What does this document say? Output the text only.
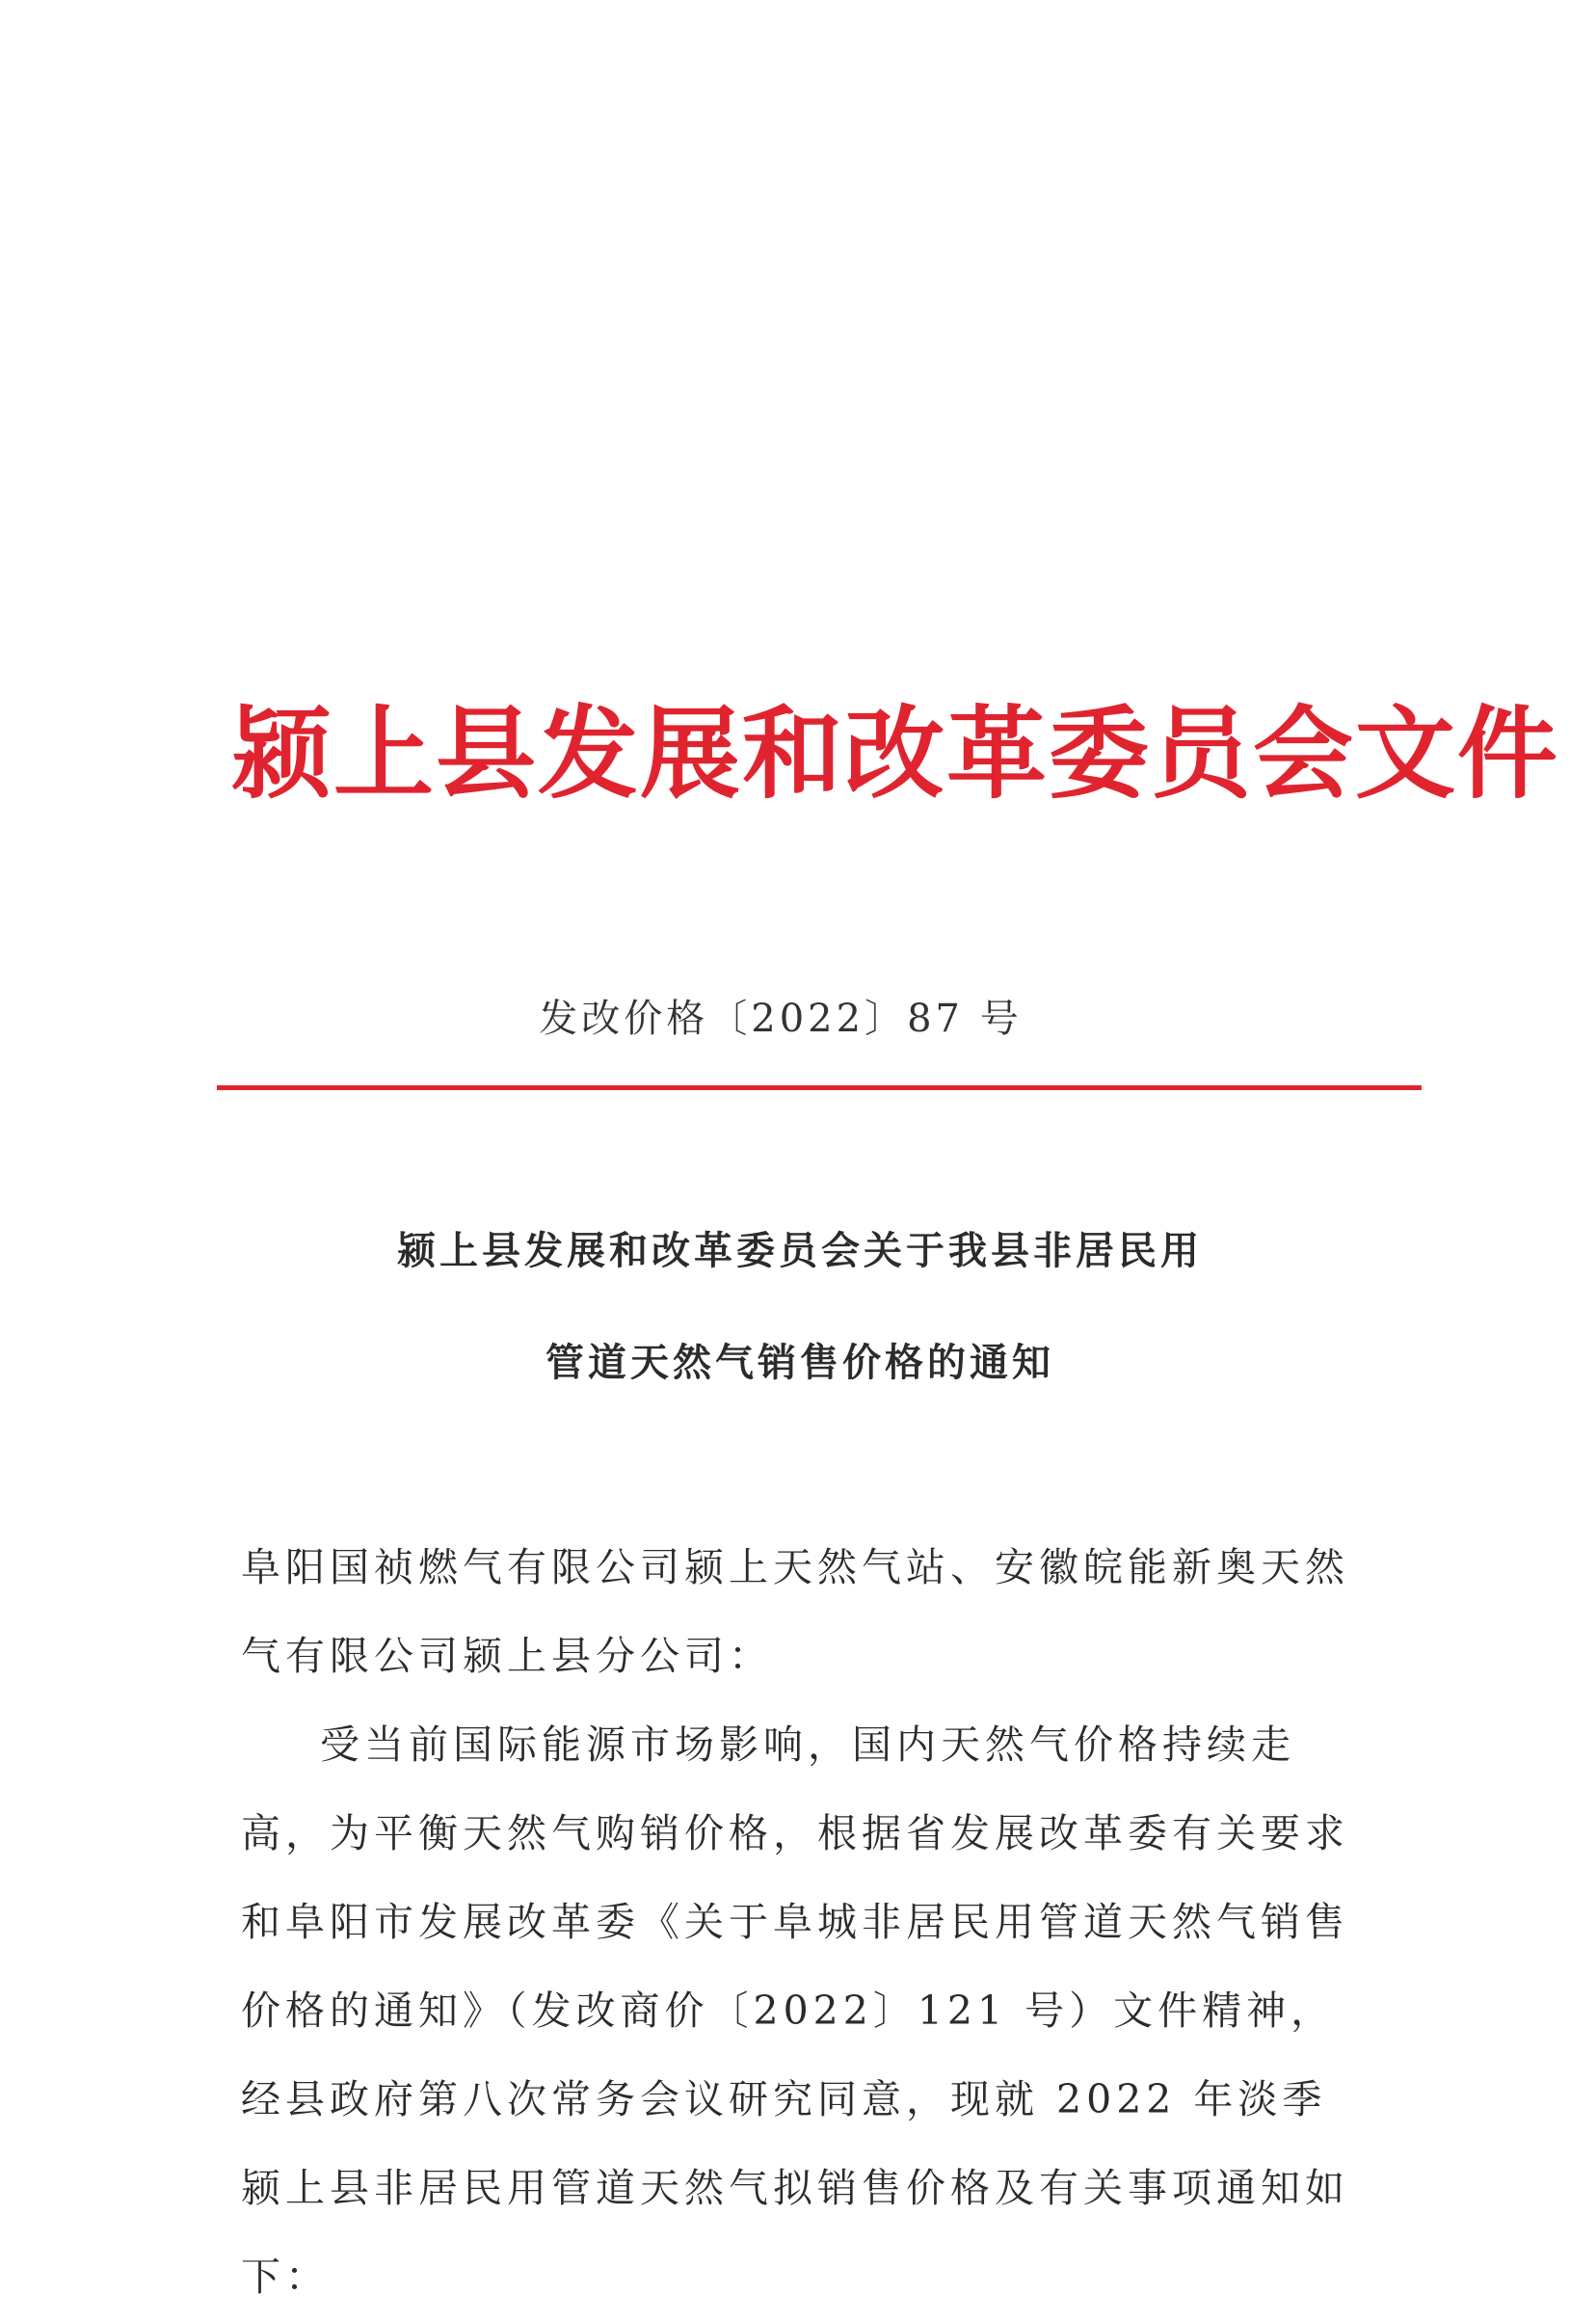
颍上县发展和改革委员会文件
发改价格〔2022〕87 号
颍上县发展和改革委员会关于我县非居民用
管道天然气销售价格的通知

阜阳国祯燃气有限公司颍上天然气站、安徽皖能新奥天然气有限公司颍上县分公司：

受当前国际能源市场影响，国内天然气价格持续走高，为平衡天然气购销价格，根据省发展改革委有关要求和阜阳市发展改革委《关于阜城非居民用管道天然气销售价格的通知》（发改商价〔2022〕121 号）文件精神，经县政府第八次常务会议研究同意，现就 2022 年淡季颍上县非居民用管道天然气拟销售价格及有关事项通知如下：
